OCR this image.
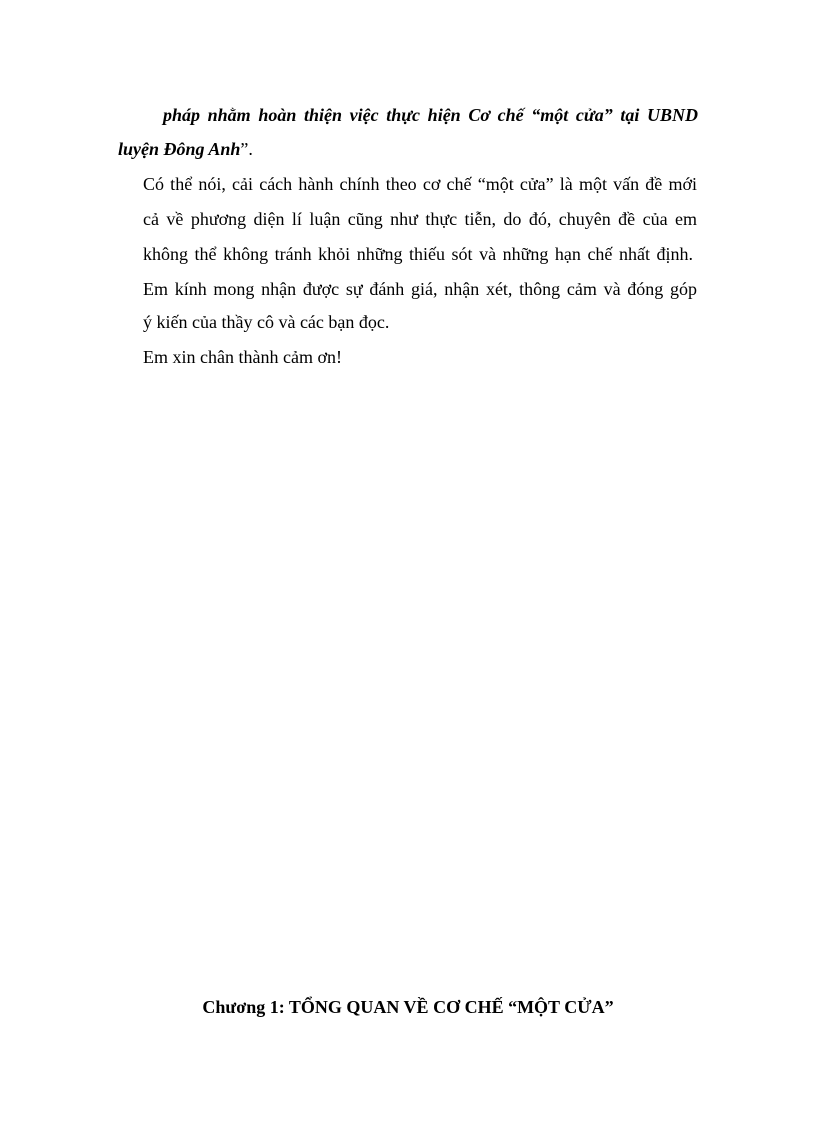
pháp nhằm hoàn thiện việc thực hiện Cơ chế “một cửa” tại UBND
luyện Đông Anh”.
Có thể nói, cải cách hành chính theo cơ chế “một cửa” là một vấn đề mới
cả về phương diện lí luận cũng như thực tiễn, do đó, chuyên đề của em
không thể không tránh khỏi những thiếu sót và những hạn chế nhất định.
Em kính mong nhận được sự đánh giá, nhận xét, thông cảm và đóng góp
ý kiến của thầy cô và các bạn đọc.
Em xin chân thành cảm ơn!
Chương 1: TỔNG QUAN VỀ CƠ CHẾ “MỘT CỬA”
